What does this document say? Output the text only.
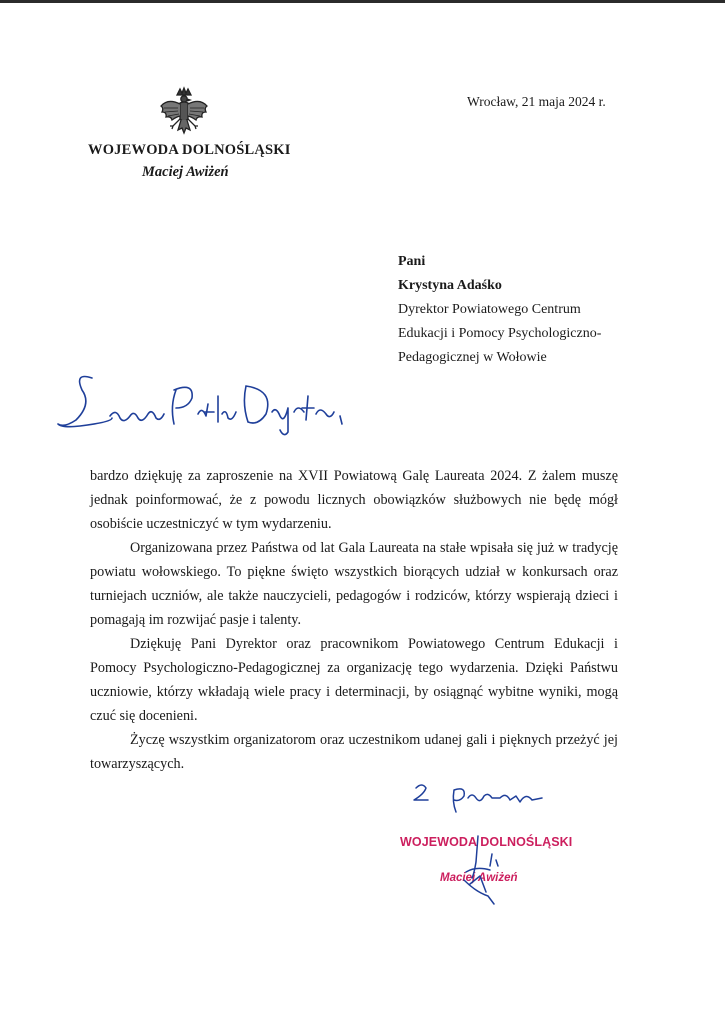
WOJEWODA DOLNOŚLĄSKI
Maciej Awiżeń
Wrocław, 21 maja 2024 r.
Pani
Krystyna Adaśko
Dyrektor Powiatowego Centrum
Edukacji i Pomocy Psychologiczno-
Pedagogicznej w Wołowie

bardzo dziękuję za zaproszenie na XVII Powiatową Galę Laureata 2024. Z żalem muszę jednak poinformować, że z powodu licznych obowiązków służbowych nie będę mógł osobiście uczestniczyć w tym wydarzeniu.

Organizowana przez Państwa od lat Gala Laureata na stałe wpisała się już w tradycję powiatu wołowskiego. To piękne święto wszystkich biorących udział w konkursach oraz turniejach uczniów, ale także nauczycieli, pedagogów i rodziców, którzy wspierają dzieci i pomagają im rozwijać pasje i talenty.

Dziękuję Pani Dyrektor oraz pracownikom Powiatowego Centrum Edukacji i Pomocy Psychologiczno-Pedagogicznej za organizację tego wydarzenia. Dzięki Państwu uczniowie, którzy wkładają wiele pracy i determinacji, by osiągnąć wybitne wyniki, mogą czuć się docenieni.

Życzę wszystkim organizatorom oraz uczestnikom udanej gali i pięknych przeżyć jej towarzyszących.

WOJEWODA DOLNOŚLĄSKI
Maciej Awiżeń
